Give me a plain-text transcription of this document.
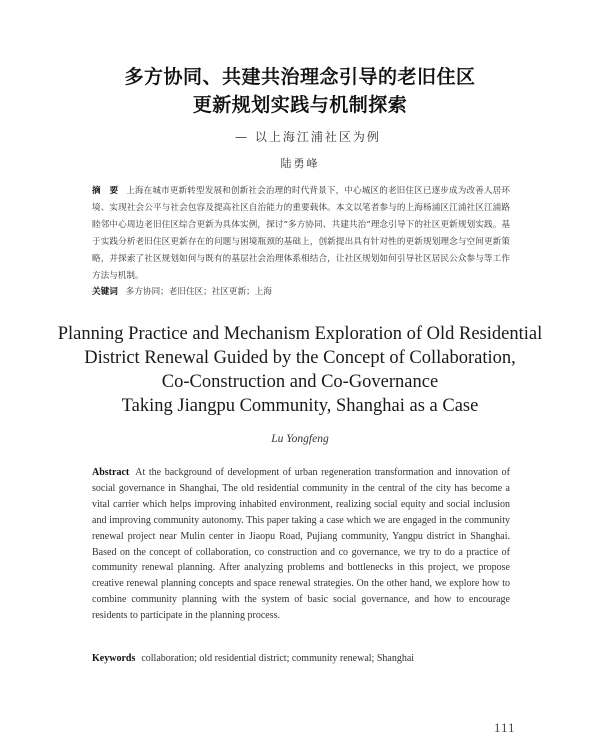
多方协同、共建共治理念引导的老旧住区
更新规划实践与机制探索
— 以上海江浦社区为例
陆勇峰
摘　要 上海在城市更新转型发展和创新社会治理的时代背景下，中心城区的老旧住区已逐步成为改善人居环境、实现社会公平与社会包容及提高社区自治能力的重要载体。本文以笔者参与的上海杨浦区江浦社区江浦路睦邻中心周边老旧住区综合更新为具体实例，探讨“多方协同、共建共治”理念引导下的社区更新规划实践。基于实践分析老旧住区更新存在的问题与困境瓶颈的基础上，创新提出具有针对性的更新规划理念与空间更新策略，并探索了社区规划如何与既有的基层社会治理体系相结合，让社区规划如何引导社区居民公众参与等工作方法与机制。
关键词 多方协同；老旧住区；社区更新；上海
Planning Practice and Mechanism Exploration of Old Residential
District Renewal Guided by the Concept of Collaboration,
Co-Construction and Co-Governance
Taking Jiangpu Community, Shanghai as a Case
Lu Yongfeng
Abstract At the background of development of urban regeneration transformation and innovation of social governance in Shanghai, The old residential community in the central of the city has become a vital carrier which helps improving inhabited environment, realizing social equity and social inclusion and improving community autonomy. This paper taking a case which we are engaged in the community renewal project near Mulin center in Jiaopu Road, Pujiang community, Yangpu district in Shanghai. Based on the concept of collaboration, co construction and co governance, we try to do a practice of community renewal planning. After analyzing problems and bottlenecks in this project, we propose creative renewal planning concepts and space renewal strategies. On the other hand, we explore how to combine community planning with the system of basic social governance, and how to encourage residents to participate in the planning process.
Keywords collaboration; old residential district; community renewal; Shanghai
111
